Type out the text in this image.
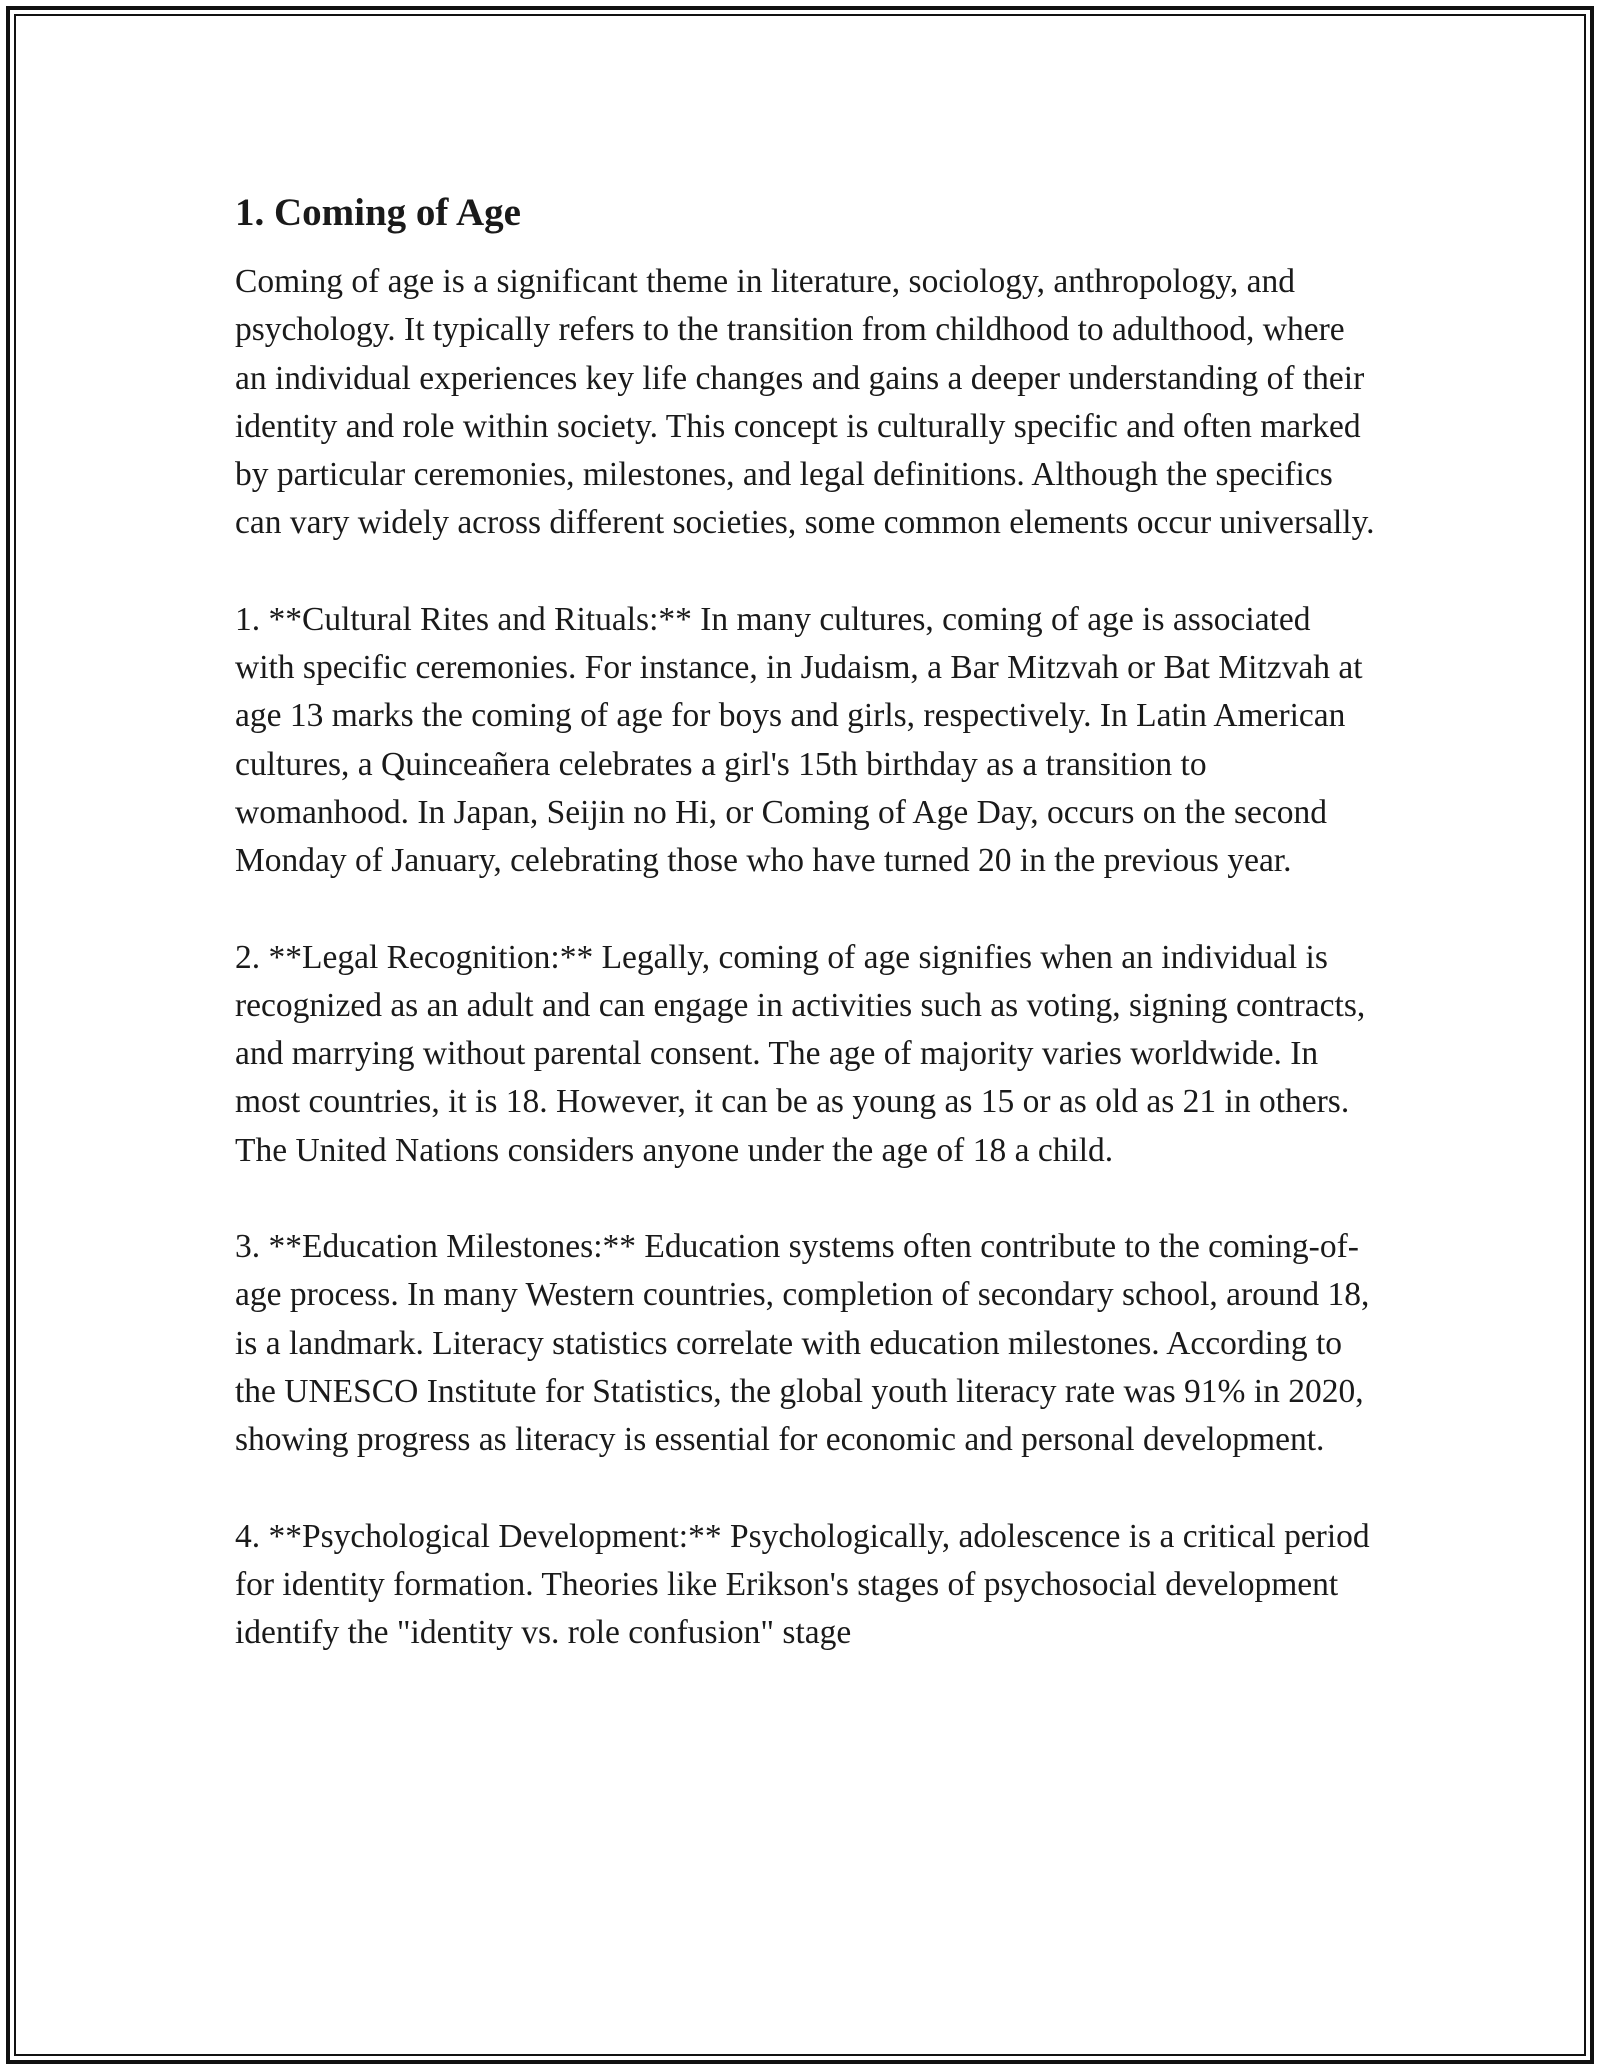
1. Coming of Age

Coming of age is a significant theme in literature, sociology, anthropology, and psychology. It typically refers to the transition from childhood to adulthood, where an individual experiences key life changes and gains a deeper understanding of their identity and role within society. This concept is culturally specific and often marked by particular ceremonies, milestones, and legal definitions. Although the specifics can vary widely across different societies, some common elements occur universally.

1. **Cultural Rites and Rituals:** In many cultures, coming of age is associated with specific ceremonies. For instance, in Judaism, a Bar Mitzvah or Bat Mitzvah at age 13 marks the coming of age for boys and girls, respectively. In Latin American cultures, a Quinceañera celebrates a girl's 15th birthday as a transition to womanhood. In Japan, Seijin no Hi, or Coming of Age Day, occurs on the second Monday of January, celebrating those who have turned 20 in the previous year.

2. **Legal Recognition:** Legally, coming of age signifies when an individual is recognized as an adult and can engage in activities such as voting, signing contracts, and marrying without parental consent. The age of majority varies worldwide. In most countries, it is 18. However, it can be as young as 15 or as old as 21 in others. The United Nations considers anyone under the age of 18 a child.

3. **Education Milestones:** Education systems often contribute to the coming-of-age process. In many Western countries, completion of secondary school, around 18, is a landmark. Literacy statistics correlate with education milestones. According to the UNESCO Institute for Statistics, the global youth literacy rate was 91% in 2020, showing progress as literacy is essential for economic and personal development.

4. **Psychological Development:** Psychologically, adolescence is a critical period for identity formation. Theories like Erikson's stages of psychosocial development identify the "identity vs. role confusion" stage
